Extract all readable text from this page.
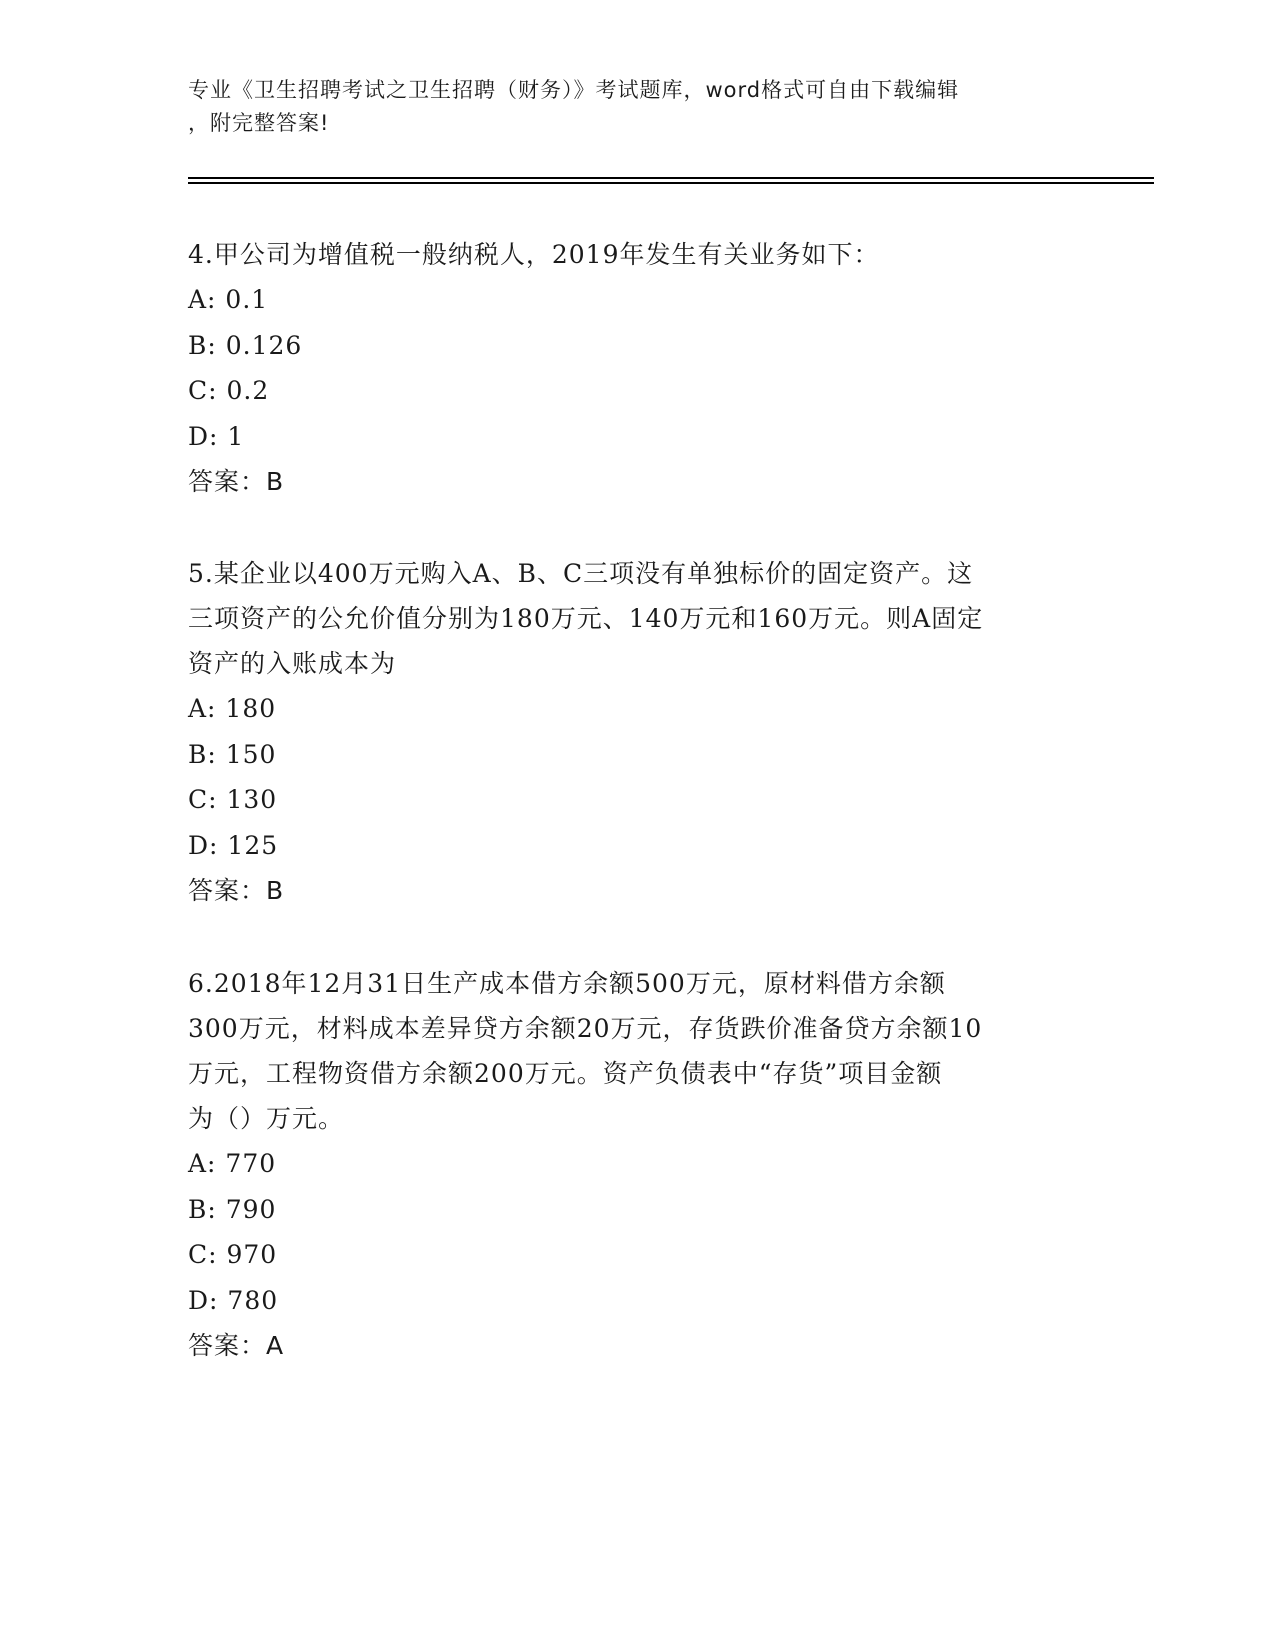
专业《卫生招聘考试之卫生招聘（财务）》考试题库，word格式可自由下载编辑
，附完整答案!
4.甲公司为增值税一般纳税人，2019年发生有关业务如下：
A: 0.1
B: 0.126
C: 0.2
D: 1
答案：B
5.某企业以400万元购入A、B、C三项没有单独标价的固定资产。这
三项资产的公允价值分别为180万元、140万元和160万元。则A固定
资产的入账成本为
A: 180
B: 150
C: 130
D: 125
答案：B
6.2018年12月31日生产成本借方余额500万元，原材料借方余额
300万元，材料成本差异贷方余额20万元，存货跌价准备贷方余额10
万元，工程物资借方余额200万元。资产负债表中“存货”项目金额
为（）万元。
A: 770
B: 790
C: 970
D: 780
答案：A
